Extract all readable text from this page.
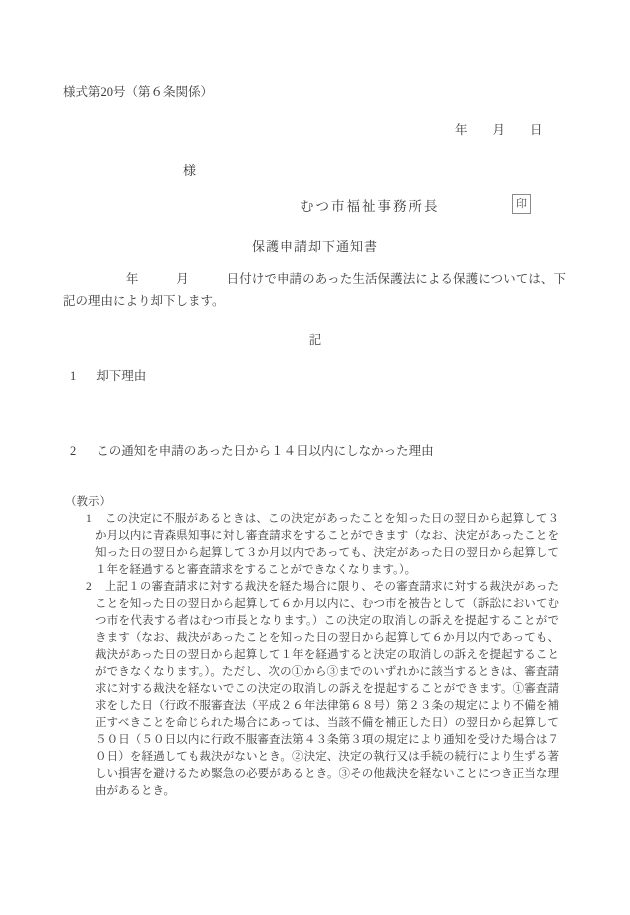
様式第20号（第６条関係）
年　　月　　日
様
むつ市福祉事務所長	印
保護申請却下通知書
　　　　　年　　　月　　　日付けで申請のあった生活保護法による保護については、下記の理由により却下します。
記
1 却下理由
2 この通知を申請のあった日から１４日以内にしなかった理由
（教示）

1 この決定に不服があるときは、この決定があったことを知った日の翌日から起算して３か月以内に青森県知事に対し審査請求をすることができます（なお、決定があったことを知った日の翌日から起算して３か月以内であっても、決定があった日の翌日から起算して１年を経過すると審査請求をすることができなくなります。）。

2 上記１の審査請求に対する裁決を経た場合に限り、その審査請求に対する裁決があったことを知った日の翌日から起算して６か月以内に、むつ市を被告として（訴訟においてむつ市を代表する者はむつ市長となります。）この決定の取消しの訴えを提起することができます（なお、裁決があったことを知った日の翌日から起算して６か月以内であっても、裁決があった日の翌日から起算して１年を経過すると決定の取消しの訴えを提起することができなくなります。）。ただし、次の①から③までのいずれかに該当するときは、審査請求に対する裁決を経ないでこの決定の取消しの訴えを提起することができます。①審査請求をした日（行政不服審査法（平成２６年法律第６８号）第２３条の規定により不備を補正すべきことを命じられた場合にあっては、当該不備を補正した日）の翌日から起算して５０日（５０日以内に行政不服審査法第４３条第３項の規定により通知を受けた場合は７０日）を経過しても裁決がないとき。②決定、決定の執行又は手続の続行により生ずる著しい損害を避けるため緊急の必要があるとき。③その他裁決を経ないことにつき正当な理由があるとき。
